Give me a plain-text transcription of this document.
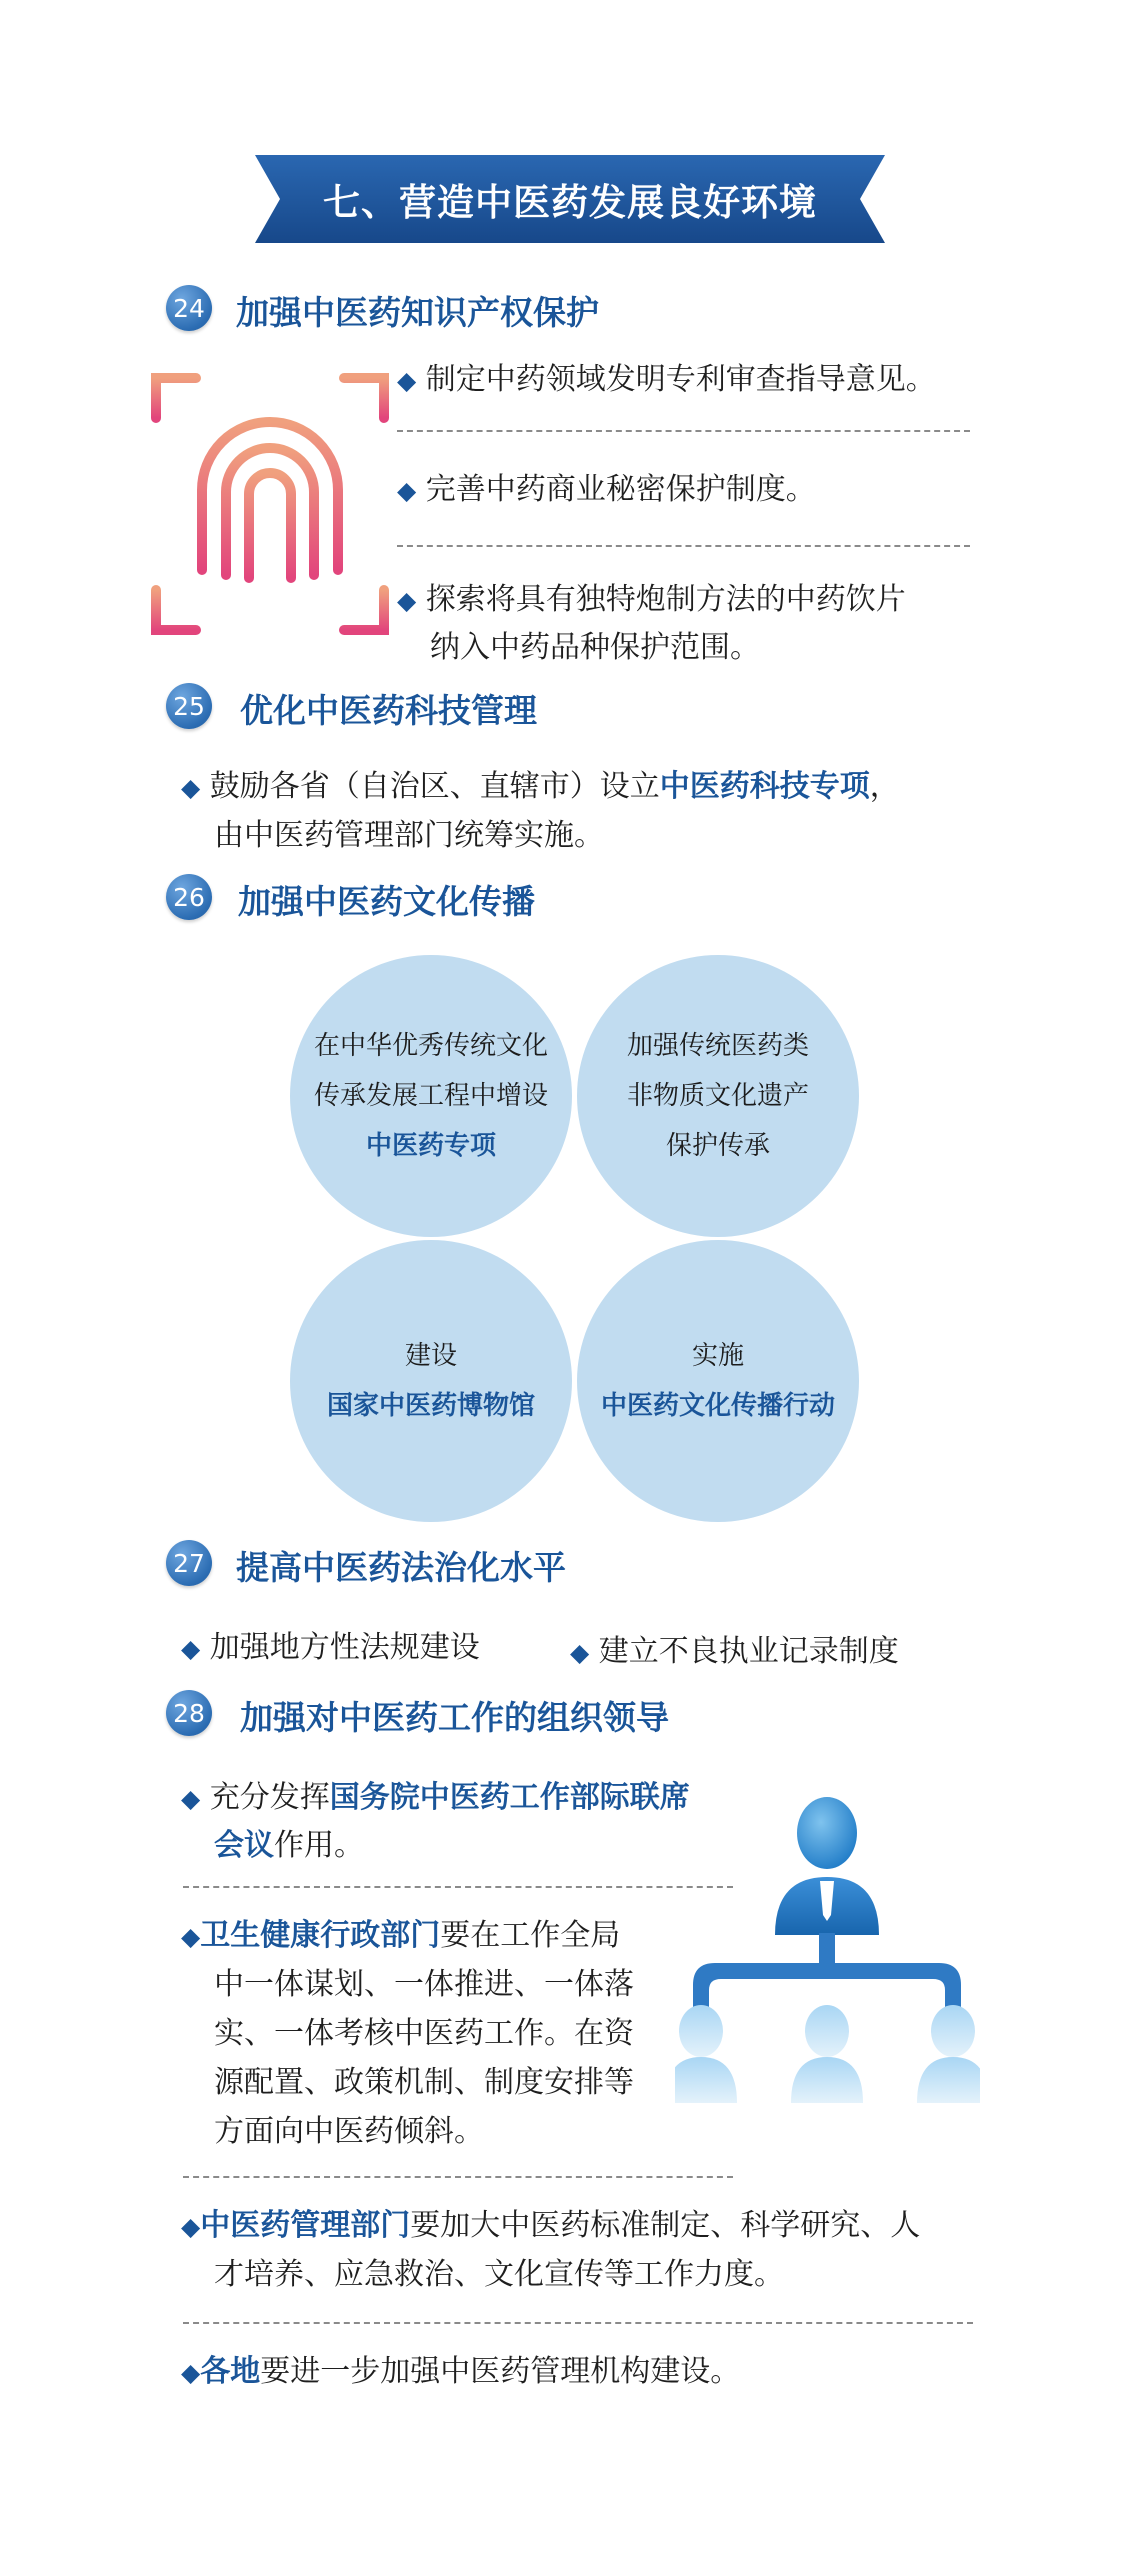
七、营造中医药发展良好环境
24 加强中医药知识产权保护
◆ 制定中药领域发明专利审查指导意见。
◆ 完善中药商业秘密保护制度。
◆ 探索将具有独特炮制方法的中药饮片
纳入中药品种保护范围。
25 优化中医药科技管理
◆ 鼓励各省（自治区、直辖市）设立中医药科技专项，
由中医药管理部门统筹实施。
26 加强中医药文化传播
在中华优秀传统文化
传承发展工程中增设
中医药专项
加强传统医药类
非物质文化遗产
保护传承
建设
国家中医药博物馆
实施
中医药文化传播行动
27 提高中医药法治化水平
◆ 加强地方性法规建设	◆ 建立不良执业记录制度
28 加强对中医药工作的组织领导
◆ 充分发挥国务院中医药工作部际联席
会议作用。
◆卫生健康行政部门要在工作全局
中一体谋划、一体推进、一体落
实、一体考核中医药工作。在资
源配置、政策机制、制度安排等
方面向中医药倾斜。
◆中医药管理部门要加大中医药标准制定、科学研究、人
才培养、应急救治、文化宣传等工作力度。
◆各地要进一步加强中医药管理机构建设。
